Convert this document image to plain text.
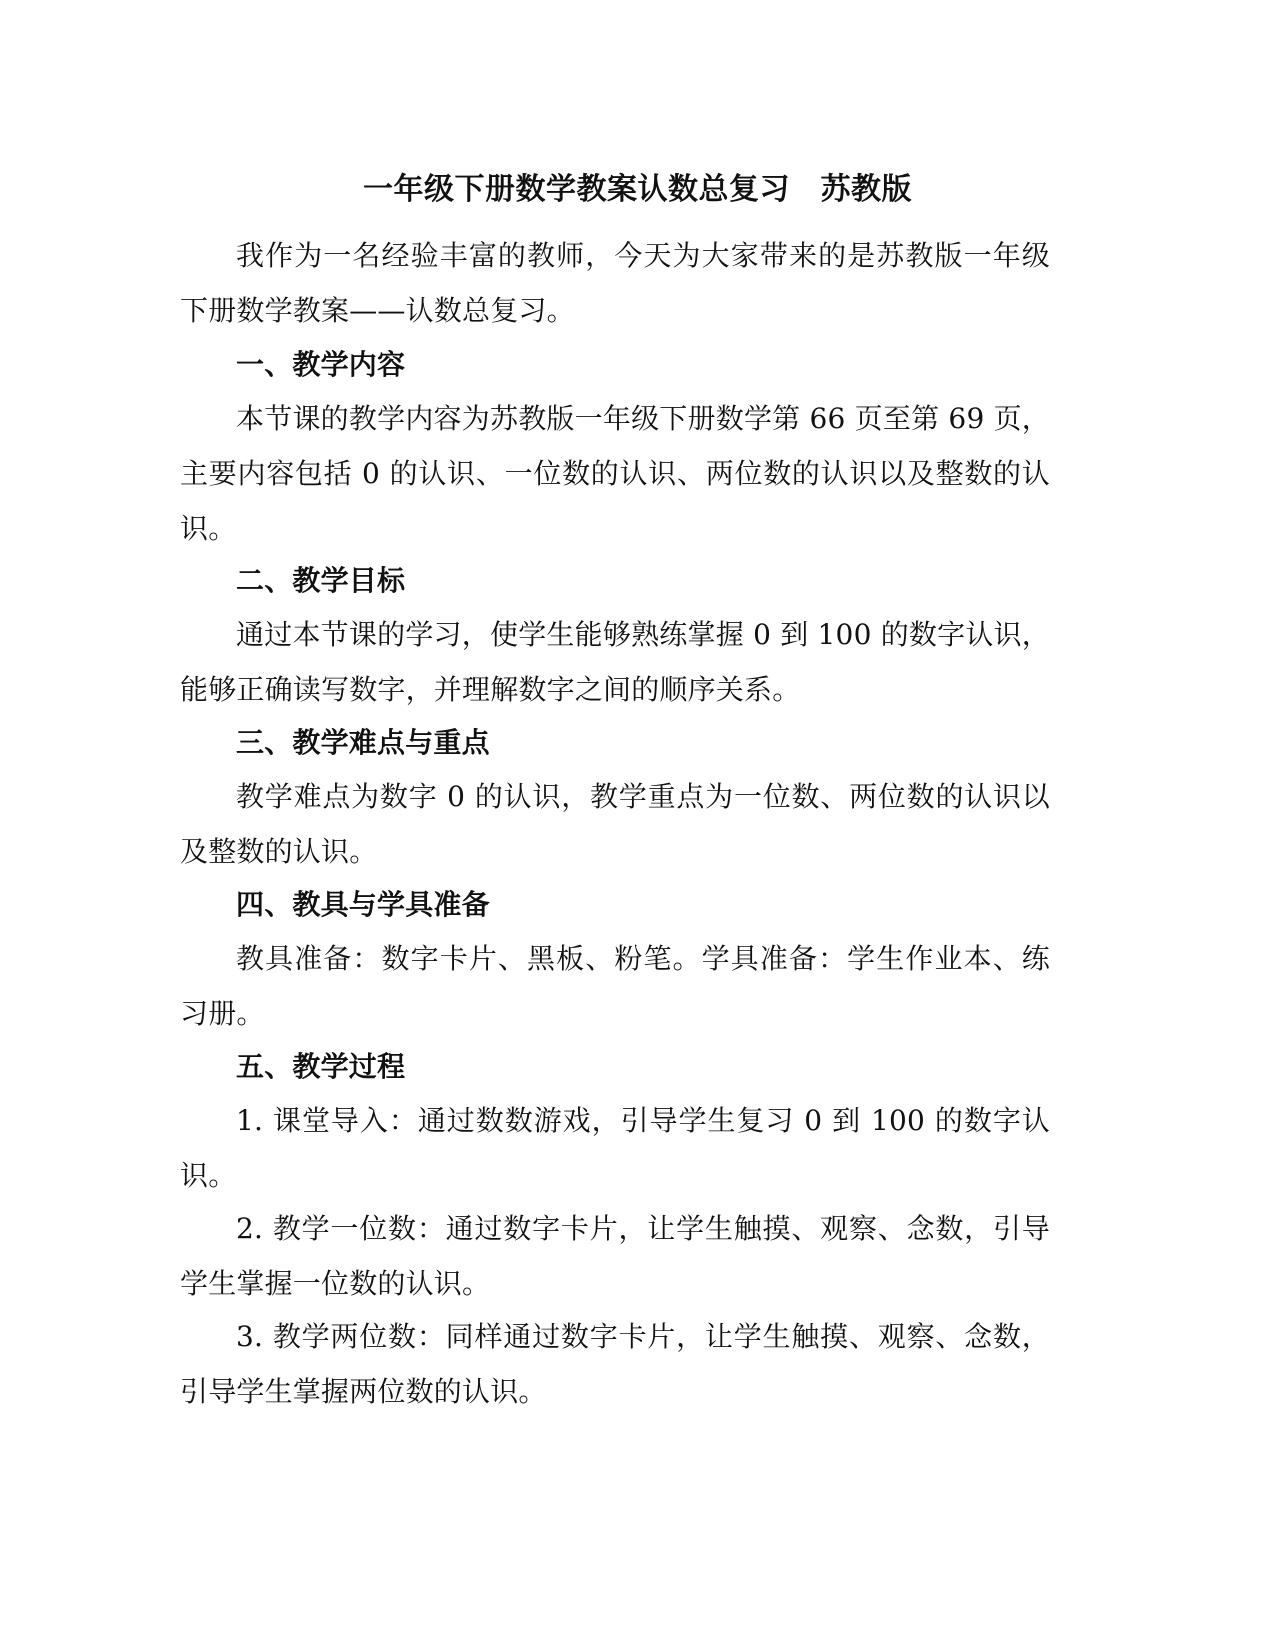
一年级下册数学教案认数总复习　苏教版

我作为一名经验丰富的教师，今天为大家带来的是苏教版一年级下册数学教案——认数总复习。

一、教学内容

本节课的教学内容为苏教版一年级下册数学第 66 页至第 69 页，主要内容包括 0 的认识、一位数的认识、两位数的认识以及整数的认识。

二、教学目标

通过本节课的学习，使学生能够熟练掌握 0 到 100 的数字认识，能够正确读写数字，并理解数字之间的顺序关系。

三、教学难点与重点

教学难点为数字 0 的认识，教学重点为一位数、两位数的认识以及整数的认识。

四、教具与学具准备

教具准备：数字卡片、黑板、粉笔。学具准备：学生作业本、练习册。

五、教学过程

1. 课堂导入：通过数数游戏，引导学生复习 0 到 100 的数字认识。

2. 教学一位数：通过数字卡片，让学生触摸、观察、念数，引导学生掌握一位数的认识。

3. 教学两位数：同样通过数字卡片，让学生触摸、观察、念数，引导学生掌握两位数的认识。
